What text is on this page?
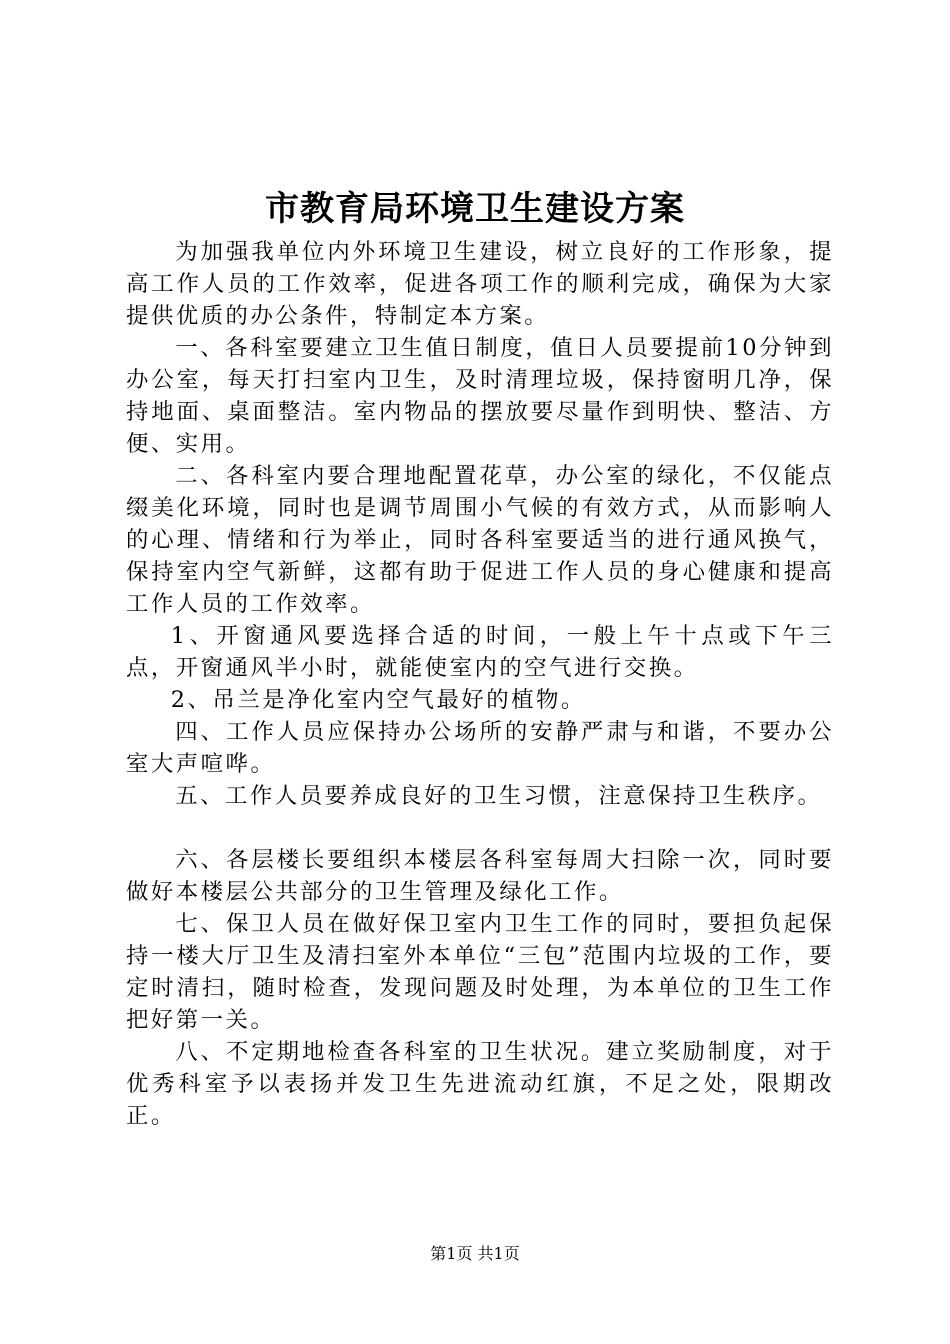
市教育局环境卫生建设方案

为加强我单位内外环境卫生建设，树立良好的工作形象，提高工作人员的工作效率，促进各项工作的顺利完成，确保为大家提供优质的办公条件，特制定本方案。

一、各科室要建立卫生值日制度，值日人员要提前10分钟到办公室，每天打扫室内卫生，及时清理垃圾，保持窗明几净，保持地面、桌面整洁。室内物品的摆放要尽量作到明快、整洁、方便、实用。

二、各科室内要合理地配置花草，办公室的绿化，不仅能点缀美化环境，同时也是调节周围小气候的有效方式，从而影响人的心理、情绪和行为举止，同时各科室要适当的进行通风换气，保持室内空气新鲜，这都有助于促进工作人员的身心健康和提高工作人员的工作效率。

1、开窗通风要选择合适的时间，一般上午十点或下午三点，开窗通风半小时，就能使室内的空气进行交换。

2、吊兰是净化室内空气最好的植物。

四、工作人员应保持办公场所的安静严肃与和谐，不要办公室大声喧哗。

五、工作人员要养成良好的卫生习惯，注意保持卫生秩序。

六、各层楼长要组织本楼层各科室每周大扫除一次，同时要做好本楼层公共部分的卫生管理及绿化工作。

七、保卫人员在做好保卫室内卫生工作的同时，要担负起保持一楼大厅卫生及清扫室外本单位“三包”范围内垃圾的工作，要定时清扫，随时检查，发现问题及时处理，为本单位的卫生工作把好第一关。

八、不定期地检查各科室的卫生状况。建立奖励制度，对于优秀科室予以表扬并发卫生先进流动红旗，不足之处，限期改正。

第1页 共1页
